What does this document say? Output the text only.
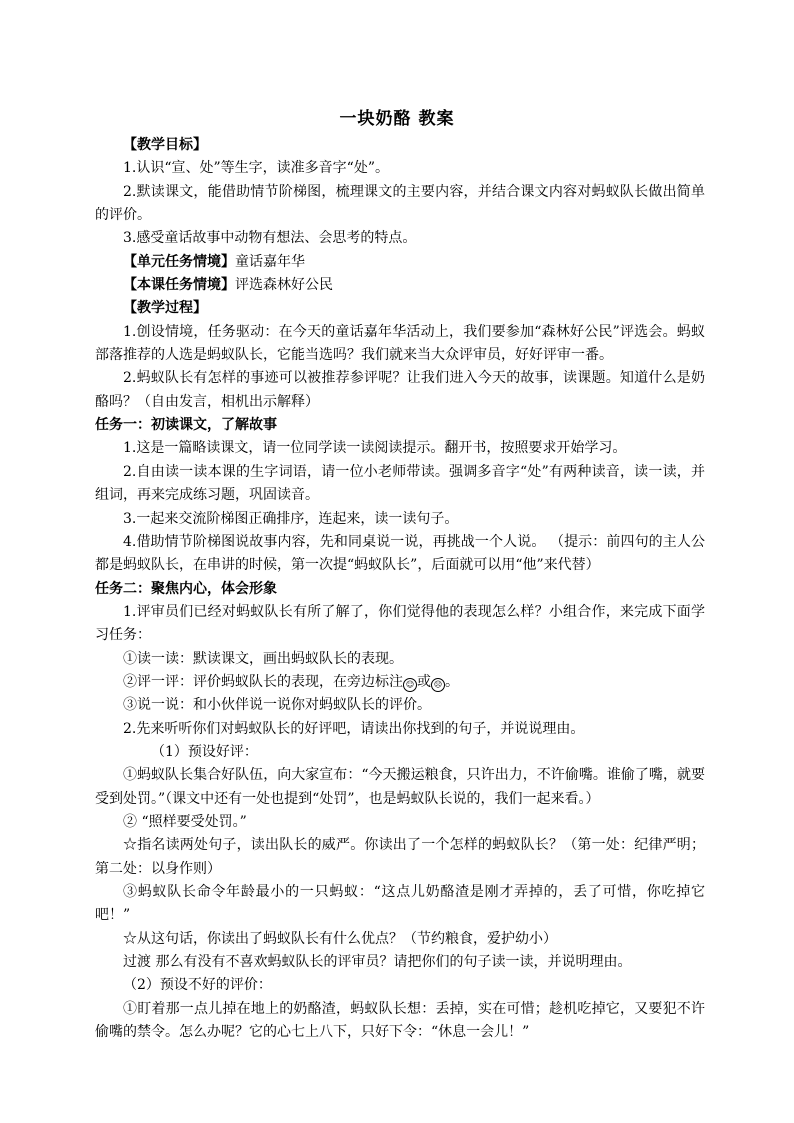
一块奶酪 教案

【教学目标】

1.认识“宣、处”等生字，读准多音字“处”。

2.默读课文，能借助情节阶梯图，梳理课文的主要内容，并结合课文内容对蚂蚁队长做出简单的评价。

3.感受童话故事中动物有想法、会思考的特点。

【单元任务情境】童话嘉年华

【本课任务情境】评选森林好公民

【教学过程】

1.创设情境，任务驱动：在今天的童话嘉年华活动上，我们要参加“森林好公民”评选会。蚂蚁部落推荐的人选是蚂蚁队长，它能当选吗？我们就来当大众评审员，好好评审一番。

2.蚂蚁队长有怎样的事迹可以被推荐参评呢？让我们进入今天的故事，读课题。知道什么是奶酪吗？（自由发言，相机出示解释）

任务一：初读课文，了解故事

1.这是一篇略读课文，请一位同学读一读阅读提示。翻开书，按照要求开始学习。

2.自由读一读本课的生字词语，请一位小老师带读。强调多音字“处”有两种读音，读一读，并组词，再来完成练习题，巩固读音。

3.一起来交流阶梯图正确排序，连起来，读一读句子。

4.借助情节阶梯图说故事内容，先和同桌说一说，再挑战一个人说。 （提示：前四句的主人公都是蚂蚁队长，在串讲的时候，第一次提“蚂蚁队长”，后面就可以用“他”来代替）

任务二：聚焦内心，体会形象

1.评审员们已经对蚂蚁队长有所了解了，你们觉得他的表现怎么样？小组合作，来完成下面学习任务：

①读一读：默读课文，画出蚂蚁队长的表现。

②评一评：评价蚂蚁队长的表现，在旁边标注 ☺ 或 ☹ 。

③说一说：和小伙伴说一说你对蚂蚁队长的评价。

2.先来听听你们对蚂蚁队长的好评吧，请读出你找到的句子，并说说理由。

（1）预设好评：

①蚂蚁队长集合好队伍，向大家宣布：“今天搬运粮食，只许出力，不许偷嘴。谁偷了嘴，就要受到处罚。”（课文中还有一处也提到“处罚”，也是蚂蚁队长说的，我们一起来看。）

② “照样要受处罚。”

☆指名读两处句子，读出队长的威严。你读出了一个怎样的蚂蚁队长？（第一处：纪律严明；第二处：以身作则）

③蚂蚁队长命令年龄最小的一只蚂蚁：“这点儿奶酪渣是刚才弄掉的，丢了可惜，你吃掉它吧！”

☆从这句话，你读出了蚂蚁队长有什么优点？（节约粮食，爱护幼小）

过渡 那么有没有不喜欢蚂蚁队长的评审员？请把你们的句子读一读，并说明理由。

（2）预设不好的评价：

①盯着那一点儿掉在地上的奶酪渣，蚂蚁队长想：丢掉，实在可惜；趁机吃掉它，又要犯不许偷嘴的禁令。怎么办呢？它的心七上八下，只好下令：“休息一会儿！”
